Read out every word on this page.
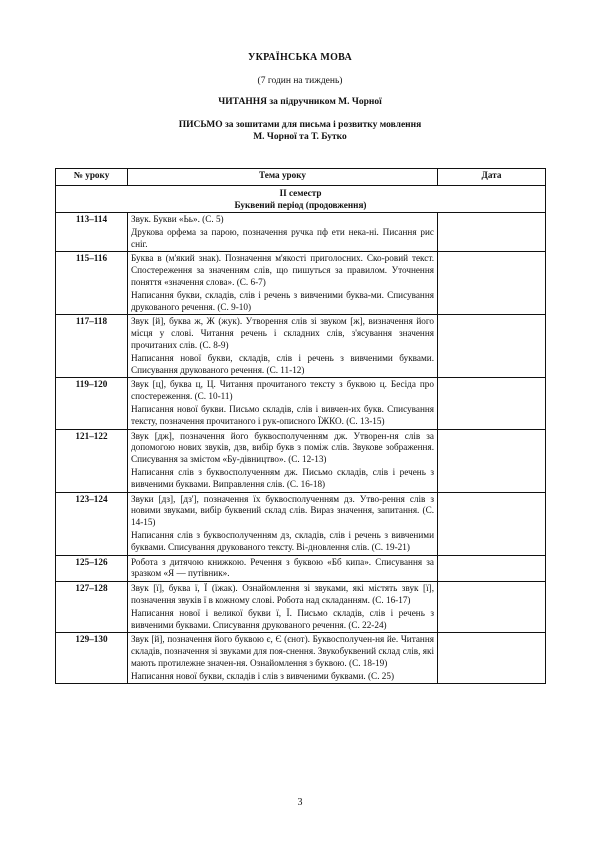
УКРАЇНСЬКА МОВА
(7 годин на тиждень)
ЧИТАННЯ за підручником М. Чорної
ПИСЬМО за зошитами для письма і розвитку мовлення
М. Чорної та Т. Бутко
№ уроку	Тема уроку	Дата

II семестр
Буквений період (продовження)		

113–114	Звук. Букви «Ьь». (С. 5)
Друкова орфема за парою, позначення ручка пф ети нека-ні. Писання рис сніг.	

115–116	Буква в (м'який знак). Позначення м'якості приголосних. Ско-ровий текст. Спостереження за значенням слів, що пишуться за правилом. Уточнення поняття «значення слова». (С. 6-7)
Написання букви, складів, слів і речень з вивченими буква-ми. Списування друкованого речення. (С. 9-10)	

117–118	Звук [й], буква ж, Ж (жук). Утворення слів зі звуком [ж], визначення його місця у слові. Читання речень і складних слів, з'ясування значення прочитаних слів. (С. 8-9)
Написання нової букви, складів, слів і речень з вивченими буквами. Списування друкованого речення. (С. 11-12)	

119–120	Звук [ц], буква ц, Ц. Читання прочитаного тексту з буквою ц. Бесіда про спостереження. (С. 10-11)
Написання нової букви. Письмо складів, слів і вивчен-их букв. Списування тексту, позначення прочитаного і рук-описного ЇЖКО. (С. 13-15)	

121–122	Звук [дж], позначення його буквосполученням дж. Утворен-ня слів за допомогою нових звуків, дзв, вибір букв з поміж слів. Звукове зображення. Списування за змістом «Бу-дівництво». (С. 12-13)
Написання слів з буквосполученням дж. Письмо складів, слів і речень з вивченими буквами. Виправлення слів. (С. 16-18)	

123–124	Звуки [дз], [дз'], позначення їх буквосполученням дз. Утво-рення слів з новими звуками, вибір буквений склад слів. Вираз значення, запитання. (С. 14-15)
Написання слів з буквосполученням дз, складів, слів і речень з вивченими буквами. Списування друкованого тексту. Ві-дновлення слів. (С. 19-21)	

125–126	Робота з дитячою книжкою. Речення з буквою «Бб кипа». Списування за зразком «Я — путівник».	

127–128	Звук [ї], буква ї, Ї (їжак). Ознайомлення зі звуками, які містять звук [ї], позначення звуків ї в кожному слові. Робота над складанням. (С. 16-17)
Написання нової і великої букви ї, Ї. Письмо складів, слів і речень з вивченими буквами. Списування друкованого речення. (С. 22-24)	

129–130	Звук [й], позначення його буквою є, Є (єнот). Буквосполучен-ня йе. Читання складів, позначення зі звуками для поя-снення. Звукобуквений склад слів, які мають протилежне значен-ня. Ознайомлення з буквою. (С. 18-19)
Написання нової букви, складів і слів з вивченими буквами. (С. 25)	

3
